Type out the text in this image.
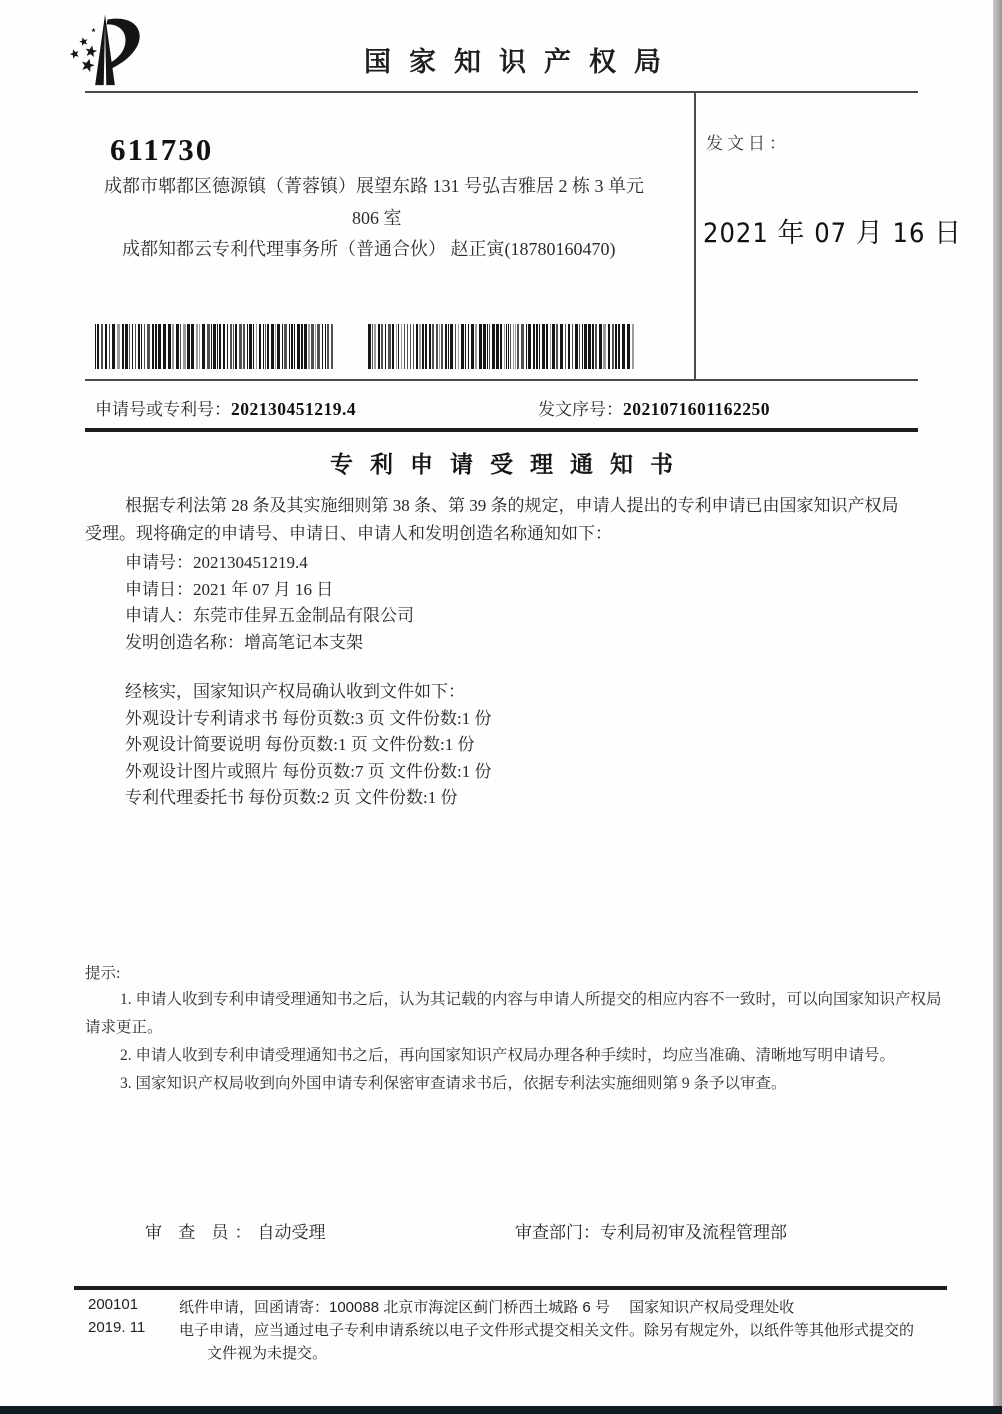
国家知识产权局
611730
成都市郫都区德源镇（菁蓉镇）展望东路 131 号弘吉雅居 2 栋 3 单元
806 室
成都知都云专利代理事务所（普通合伙） 赵正寅(18780160470)
发文日：
2021 年 07 月 16 日
申请号或专利号：202130451219.4	发文序号：2021071601162250
专利申请受理通知书
根据专利法第 28 条及其实施细则第 38 条、第 39 条的规定，申请人提出的专利申请已由国家知识产权局
受理。现将确定的申请号、申请日、申请人和发明创造名称通知如下：
申请号：202130451219.4
申请日：2021 年 07 月 16 日
申请人：东莞市佳昇五金制品有限公司
发明创造名称：增高笔记本支架
经核实，国家知识产权局确认收到文件如下：
外观设计专利请求书 每份页数:3 页 文件份数:1 份
外观设计简要说明 每份页数:1 页 文件份数:1 份
外观设计图片或照片 每份页数:7 页 文件份数:1 份
专利代理委托书 每份页数:2 页 文件份数:1 份
提示:
1. 申请人收到专利申请受理通知书之后，认为其记载的内容与申请人所提交的相应内容不一致时，可以向国家知识产权局
请求更正。
2. 申请人收到专利申请受理通知书之后，再向国家知识产权局办理各种手续时，均应当准确、清晰地写明申请号。
3. 国家知识产权局收到向外国申请专利保密审查请求书后，依据专利法实施细则第 9 条予以审查。
审 查 员：自动受理	审查部门：专利局初审及流程管理部
200101
2019. 11
纸件申请，回函请寄：100088 北京市海淀区蓟门桥西土城路 6 号　 国家知识产权局受理处收
电子申请，应当通过电子专利申请系统以电子文件形式提交相关文件。除另有规定外，以纸件等其他形式提交的
文件视为未提交。
